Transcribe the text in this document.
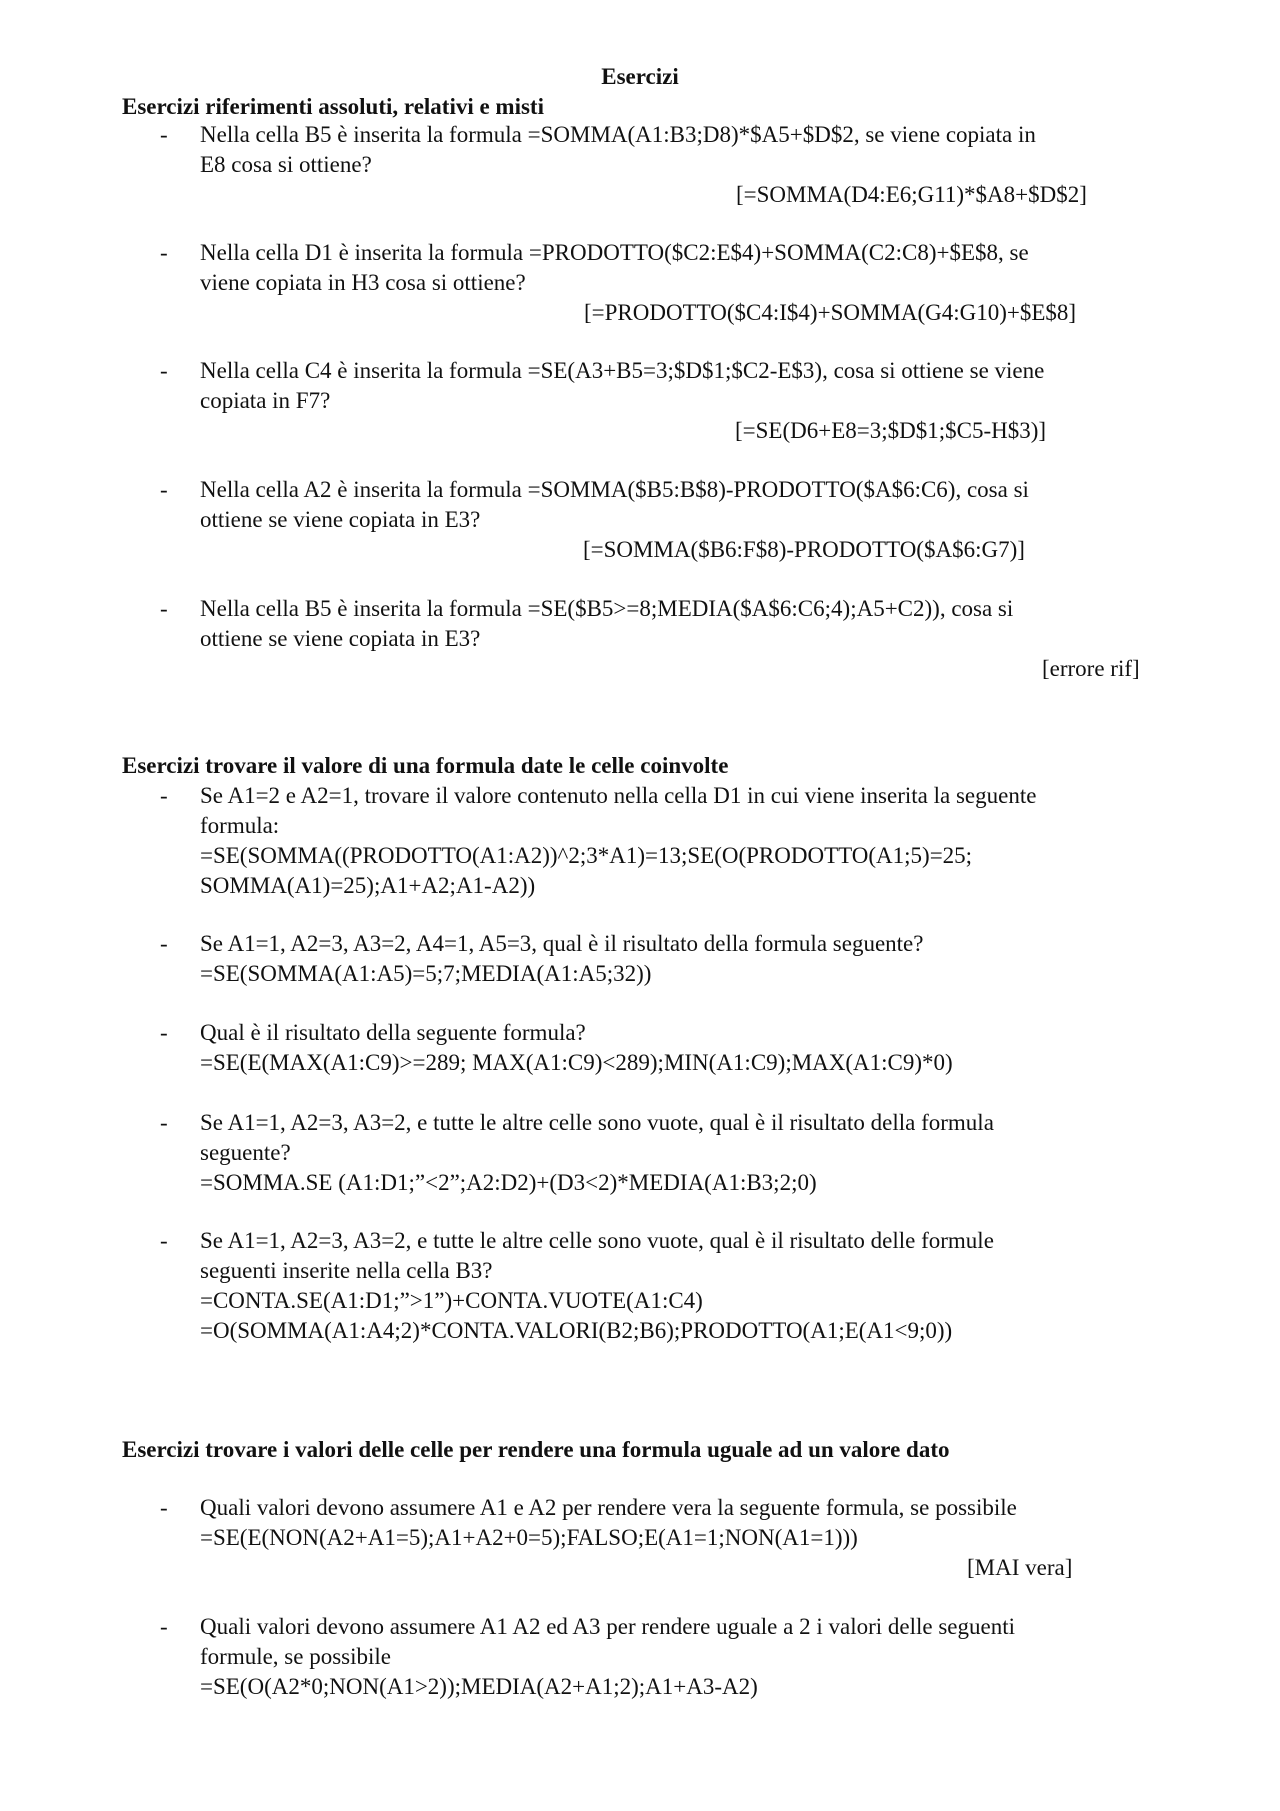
Esercizi
Esercizi riferimenti assoluti, relativi e misti
- Nella cella B5 è inserita la formula =SOMMA(A1:B3;D8)*$A5+$D$2, se viene copiata in
E8 cosa si ottiene?
[=SOMMA(D4:E6;G11)*$A8+$D$2]
- Nella cella D1 è inserita la formula =PRODOTTO($C2:E$4)+SOMMA(C2:C8)+$E$8, se
viene copiata in H3 cosa si ottiene?
[=PRODOTTO($C4:I$4)+SOMMA(G4:G10)+$E$8]
- Nella cella C4 è inserita la formula =SE(A3+B5=3;$D$1;$C2-E$3), cosa si ottiene se viene
copiata in F7?
[=SE(D6+E8=3;$D$1;$C5-H$3)]
- Nella cella A2 è inserita la formula =SOMMA($B5:B$8)-PRODOTTO($A$6:C6), cosa si
ottiene se viene copiata in E3?
[=SOMMA($B6:F$8)-PRODOTTO($A$6:G7)]
- Nella cella B5 è inserita la formula =SE($B5>=8;MEDIA($A$6:C6;4);A5+C2)), cosa si
ottiene se viene copiata in E3?
[errore rif]
Esercizi trovare il valore di una formula date le celle coinvolte
- Se A1=2 e A2=1, trovare il valore contenuto nella cella D1 in cui viene inserita la seguente
formula:
=SE(SOMMA((PRODOTTO(A1:A2))^2;3*A1)=13;SE(O(PRODOTTO(A1;5)=25;
SOMMA(A1)=25);A1+A2;A1-A2))
- Se A1=1, A2=3, A3=2, A4=1, A5=3, qual è il risultato della formula seguente?
=SE(SOMMA(A1:A5)=5;7;MEDIA(A1:A5;32))
- Qual è il risultato della seguente formula?
=SE(E(MAX(A1:C9)>=289; MAX(A1:C9)<289);MIN(A1:C9);MAX(A1:C9)*0)
- Se A1=1, A2=3, A3=2, e tutte le altre celle sono vuote, qual è il risultato della formula
seguente?
=SOMMA.SE (A1:D1;”<2”;A2:D2)+(D3<2)*MEDIA(A1:B3;2;0)
- Se A1=1, A2=3, A3=2, e tutte le altre celle sono vuote, qual è il risultato delle formule
seguenti inserite nella cella B3?
=CONTA.SE(A1:D1;”>1”)+CONTA.VUOTE(A1:C4)
=O(SOMMA(A1:A4;2)*CONTA.VALORI(B2;B6);PRODOTTO(A1;E(A1<9;0))
Esercizi trovare i valori delle celle per rendere una formula uguale ad un valore dato
- Quali valori devono assumere A1 e A2 per rendere vera la seguente formula, se possibile
=SE(E(NON(A2+A1=5);A1+A2+0=5);FALSO;E(A1=1;NON(A1=1)))
[MAI vera]
- Quali valori devono assumere A1 A2 ed A3 per rendere uguale a 2 i valori delle seguenti
formule, se possibile
=SE(O(A2*0;NON(A1>2));MEDIA(A2+A1;2);A1+A3-A2)
